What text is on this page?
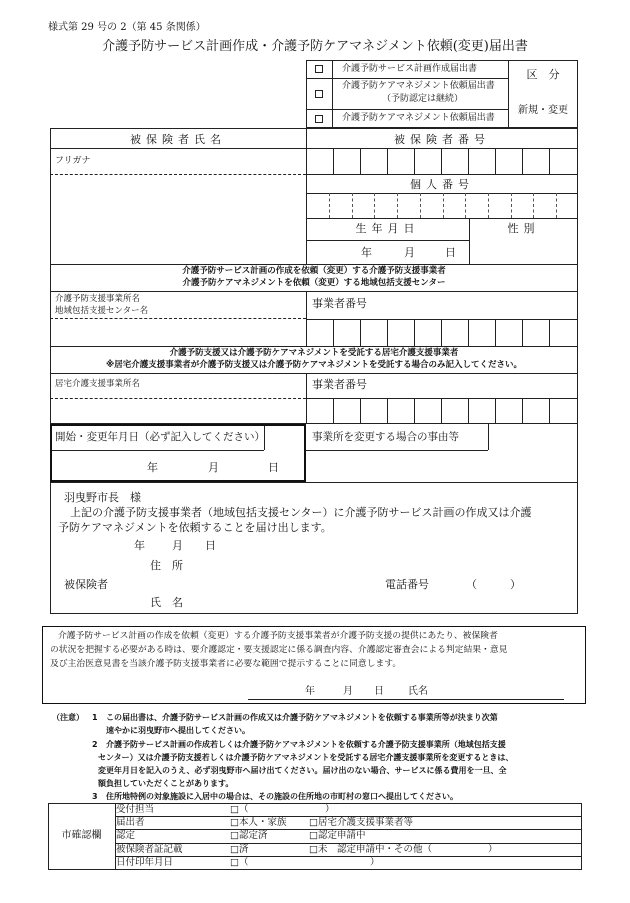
様式第 29 号の 2（第 45 条関係）
介護予防サービス計画作成・介護予防ケアマネジメント依頼(変更)届出書
介護予防サービス計画作成届出書
介護予防ケアマネジメント依頼届出書
（予防認定は継続）
介護予防ケアマネジメント依頼届出書
区　分
新規・変更
被保険者氏名	被保険者番号
フリガナ
個人番号
生年月日	性別
年	月	日
介護予防サービス計画の作成を依頼（変更）する介護予防支援事業者
介護予防ケアマネジメントを依頼（変更）する地域包括支援センター
介護予防支援事業所名
地域包括支援センター名
事業者番号
介護予防支援又は介護予防ケアマネジメントを受託する居宅介護支援事業者
※居宅介護支援事業者が介護予防支援又は介護予防ケアマネジメントを受託する場合のみ記入してください。
居宅介護支援事業所名	事業者番号
開始・変更年月日（必ず記入してください）
年	月	日
事業所を変更する場合の事由等
羽曳野市長　様
上記の介護予防支援事業者（地域包括支援センター）に介護予防サービス計画の作成又は介護
予防ケアマネジメントを依頼することを届け出します。
年 月 日
住　所
被保険者	電話番号	（	）
氏　名
介護予防サービス計画の作成を依頼（変更）する介護予防支援事業者が介護予防支援の提供にあたり、被保険者
の状況を把握する必要がある時は、要介護認定・要支援認定に係る調査内容、介護認定審査会による判定結果・意見
及び主治医意見書を当該介護予防支援事業者に必要な範囲で提示することに同意します。
年	月 日 氏名
（注意） 1 この届出書は、介護予防サービス計画の作成又は介護予防ケアマネジメントを依頼する事業所等が決まり次第
速やかに羽曳野市へ提出してください。
2 介護予防サービス計画の作成若しくは介護予防ケアマネジメントを依頼する介護予防支援事業所（地域包括支援
センター）又は介護予防支援若しくは介護予防ケアマネジメントを受託する居宅介護支援事業所を変更するときは、
変更年月日を記入のうえ、必ず羽曳野市へ届け出てください。届け出のない場合、サービスに係る費用を一旦、全
額負担していただくことがあります。
3 住所地特例の対象施設に入居中の場合は、その施設の住所地の市町村の窓口へ提出してください。
市確認欄
受付担当	□（	）
届出者	□本人・家族 □居宅介護支援事業者等
認定	□認定済	□認定申請中
被保険者証記載	□済	□未　認定申請中・その他（	）
日付印年月日	□（	）
